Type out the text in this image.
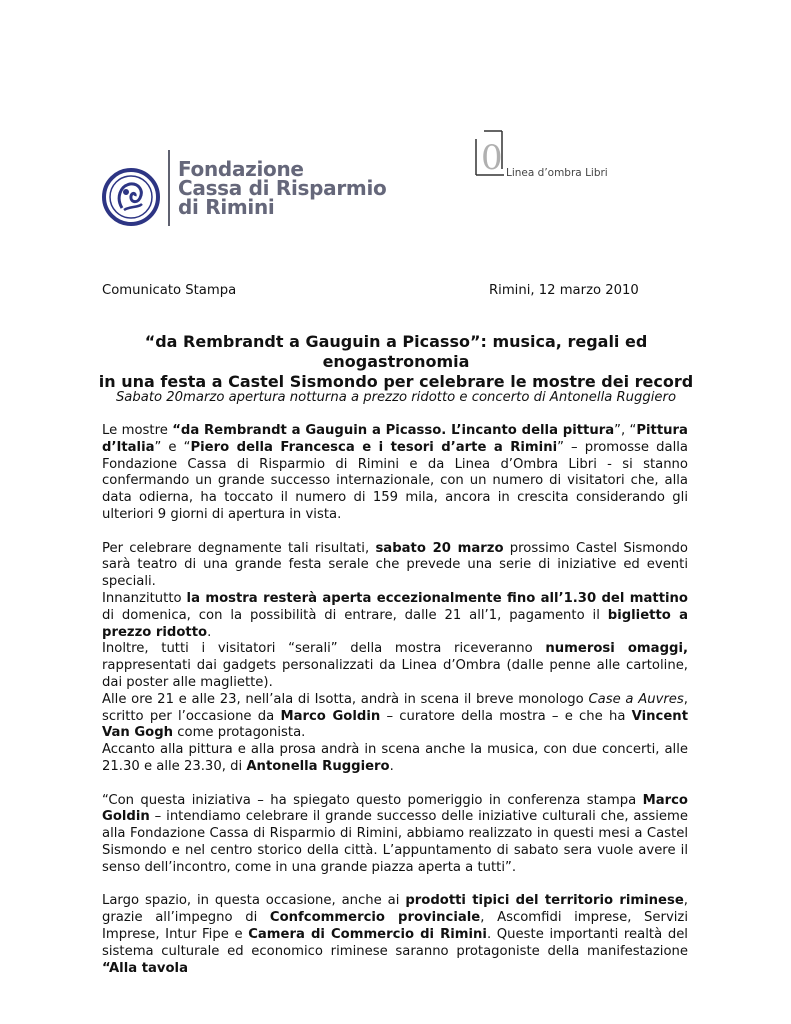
Fondazione
Cassa di Risparmio
di Rimini
0 Linea d’ombra Libri
Comunicato Stampa	Rimini, 12 marzo 2010
“da Rembrandt a Gauguin a Picasso”: musica, regali ed enogastronomia
in una festa a Castel Sismondo per celebrare le mostre dei record
Sabato 20marzo apertura notturna a prezzo ridotto e concerto di Antonella Ruggiero

Le mostre “da Rembrandt a Gauguin a Picasso. L’incanto della pittura”, “Pittura d’Italia” e “Piero della Francesca e i tesori d’arte a Rimini” – promosse dalla Fondazione Cassa di Risparmio di Rimini e da Linea d’Ombra Libri - si stanno confermando un grande successo internazionale, con un numero di visitatori che, alla data odierna, ha toccato il numero di 159 mila, ancora in crescita considerando gli ulteriori 9 giorni di apertura in vista.

Per celebrare degnamente tali risultati, sabato 20 marzo prossimo Castel Sismondo sarà teatro di una grande festa serale che prevede una serie di iniziative ed eventi speciali.

Innanzitutto la mostra resterà aperta eccezionalmente fino all’1.30 del mattino di domenica, con la possibilità di entrare, dalle 21 all’1, pagamento il biglietto a prezzo ridotto.

Inoltre, tutti i visitatori “serali” della mostra riceveranno numerosi omaggi, rappresentati dai gadgets personalizzati da Linea d’Ombra (dalle penne alle cartoline, dai poster alle magliette).

Alle ore 21 e alle 23, nell’ala di Isotta, andrà in scena il breve monologo Case a Auvres, scritto per l’occasione da Marco Goldin – curatore della mostra – e che ha Vincent Van Gogh come protagonista.

Accanto alla pittura e alla prosa andrà in scena anche la musica, con due concerti, alle 21.30 e alle 23.30, di Antonella Ruggiero.

“Con questa iniziativa – ha spiegato questo pomeriggio in conferenza stampa Marco Goldin – intendiamo celebrare il grande successo delle iniziative culturali che, assieme alla Fondazione Cassa di Risparmio di Rimini, abbiamo realizzato in questi mesi a Castel Sismondo e nel centro storico della città. L’appuntamento di sabato sera vuole avere il senso dell’incontro, come in una grande piazza aperta a tutti”.

Largo spazio, in questa occasione, anche ai prodotti tipici del territorio riminese, grazie all’impegno di Confcommercio provinciale, Ascomfidi imprese, Servizi Imprese, Intur Fipe e Camera di Commercio di Rimini. Queste importanti realtà del sistema culturale ed economico riminese saranno protagoniste della manifestazione “Alla tavola
